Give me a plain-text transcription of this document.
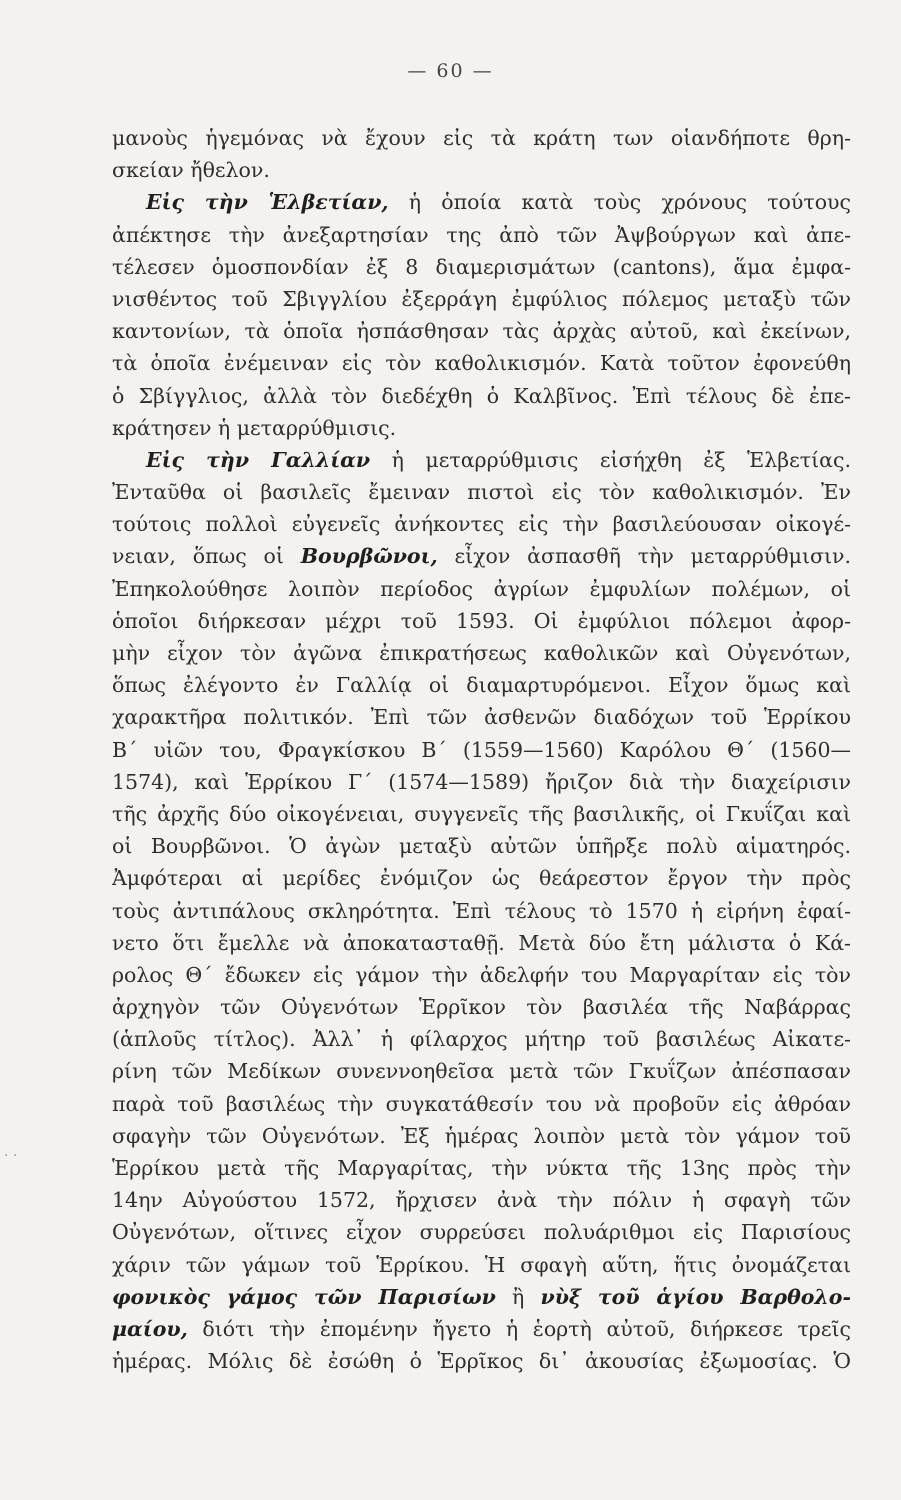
— 60 —
μανοὺς ἡγεμόνας νὰ ἔχουν εἰς τὰ κράτη των οἱανδήποτε θρη-
σκείαν ἤθελον.
Εἰς τὴν Ἑλβετίαν, ἡ ὁποία κατὰ τοὺς χρόνους τούτους
ἀπέκτησε τὴν ἀνεξαρτησίαν της ἀπὸ τῶν Ἀψβούργων καὶ ἀπε-
τέλεσεν ὁμοσπονδίαν ἐξ 8 διαμερισμάτων (cantons), ἅμα ἐμφα-
νισθέντος τοῦ Σβιγγλίου ἐξερράγη ἐμφύλιος πόλεμος μεταξὺ τῶν
καντονίων, τὰ ὁποῖα ἠσπάσθησαν τὰς ἀρχὰς αὐτοῦ, καὶ ἐκείνων,
τὰ ὁποῖα ἐνέμειναν εἰς τὸν καθολικισμόν. Κατὰ τοῦτον ἐφονεύθη
ὁ Σβίγγλιος, ἀλλὰ τὸν διεδέχθη ὁ Καλβῖνος. Ἐπὶ τέλους δὲ ἐπε-
κράτησεν ἡ μεταρρύθμισις.
Εἰς τὴν Γαλλίαν ἡ μεταρρύθμισις εἰσήχθη ἐξ Ἑλβετίας.
Ἐνταῦθα οἱ βασιλεῖς ἔμειναν πιστοὶ εἰς τὸν καθολικισμόν. Ἐν
τούτοις πολλοὶ εὐγενεῖς ἀνήκοντες εἰς τὴν βασιλεύουσαν οἰκογέ-
νειαν, ὅπως οἱ Βουρβῶνοι, εἶχον ἀσπασθῆ τὴν μεταρρύθμισιν.
Ἐπηκολούθησε λοιπὸν περίοδος ἀγρίων ἐμφυλίων πολέμων, οἱ
ὁποῖοι διήρκεσαν μέχρι τοῦ 1593. Οἱ ἐμφύλιοι πόλεμοι ἀφορ-
μὴν εἶχον τὸν ἀγῶνα ἐπικρατήσεως καθολικῶν καὶ Οὐγενότων,
ὅπως ἐλέγοντο ἐν Γαλλίᾳ οἱ διαμαρτυρόμενοι. Εἶχον ὅμως καὶ
χαρακτῆρα πολιτικόν. Ἐπὶ τῶν ἀσθενῶν διαδόχων τοῦ Ἑρρίκου
Β΄ υἱῶν του, Φραγκίσκου Β΄ (1559—1560) Καρόλου Θ΄ (1560—
1574), καὶ Ἑρρίκου Γ΄ (1574—1589) ἤριζον διὰ τὴν διαχείρισιν
τῆς ἀρχῆς δύο οἰκογένειαι, συγγενεῖς τῆς βασιλικῆς, οἱ Γκυΐζαι καὶ
οἱ Βουρβῶνοι. Ὁ ἀγὼν μεταξὺ αὐτῶν ὑπῆρξε πολὺ αἱματηρός.
Ἀμφότεραι αἱ μερίδες ἐνόμιζον ὡς θεάρεστον ἔργον τὴν πρὸς
τοὺς ἀντιπάλους σκληρότητα. Ἐπὶ τέλους τὸ 1570 ἡ εἰρήνη ἐφαί-
νετο ὅτι ἔμελλε νὰ ἀποκατασταθῇ. Μετὰ δύο ἔτη μάλιστα ὁ Κά-
ρολος Θ΄ ἔδωκεν εἰς γάμον τὴν ἀδελφήν του Μαργαρίταν εἰς τὸν
ἀρχηγὸν τῶν Οὐγενότων Ἑρρῖκον τὸν βασιλέα τῆς Ναβάρρας
(ἁπλοῦς τίτλος). Ἀλλ᾿ ἡ φίλαρχος μήτηρ τοῦ βασιλέως Αἰκατε-
ρίνη τῶν Μεδίκων συνεννοηθεῖσα μετὰ τῶν Γκυΐζων ἀπέσπασαν
παρὰ τοῦ βασιλέως τὴν συγκατάθεσίν του νὰ προβοῦν εἰς ἀθρόαν
σφαγὴν τῶν Οὐγενότων. Ἐξ ἡμέρας λοιπὸν μετὰ τὸν γάμον τοῦ
Ἑρρίκου μετὰ τῆς Μαργαρίτας, τὴν νύκτα τῆς 13ης πρὸς τὴν
14ην Αὐγούστου 1572, ἤρχισεν ἀνὰ τὴν πόλιν ἡ σφαγὴ τῶν
Οὐγενότων, οἵτινες εἶχον συρρεύσει πολυάριθμοι εἰς Παρισίους
χάριν τῶν γάμων τοῦ Ἑρρίκου. Ἡ σφαγὴ αὕτη, ἥτις ὀνομάζεται
φονικὸς γάμος τῶν Παρισίων ἢ νὺξ τοῦ ἁγίου Βαρθολο-
μαίου, διότι τὴν ἐπομένην ἤγετο ἡ ἑορτὴ αὐτοῦ, διήρκεσε τρεῖς
ἡμέρας. Μόλις δὲ ἐσώθη ὁ Ἑρρῖκος δι᾿ ἀκουσίας ἐξωμοσίας. Ὁ
· ·
